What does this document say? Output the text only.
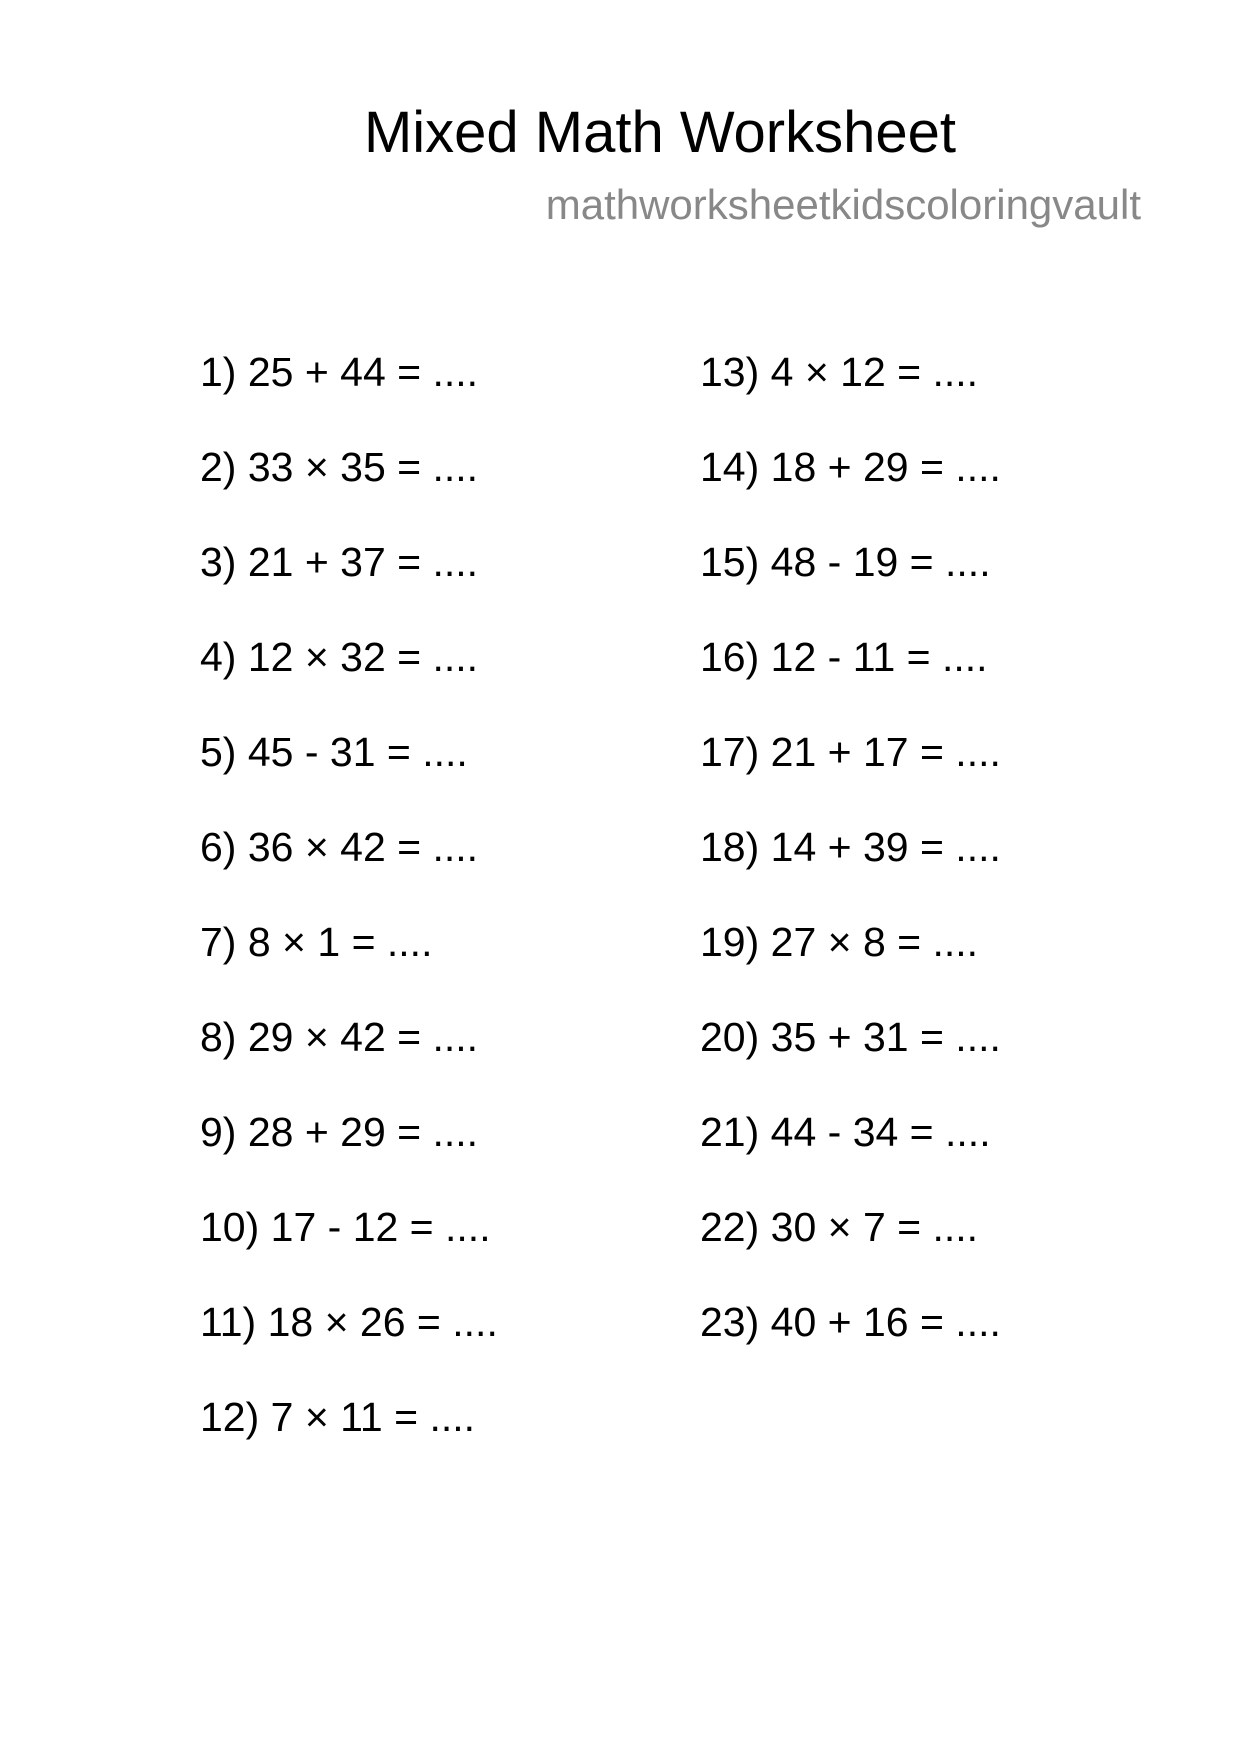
Mixed Math Worksheet
mathworksheetkidscoloringvault
1) 25 + 44 = ....
2) 33 × 35 = ....
3) 21 + 37 = ....
4) 12 × 32 = ....
5) 45 - 31 = ....
6) 36 × 42 = ....
7) 8 × 1 = ....
8) 29 × 42 = ....
9) 28 + 29 = ....
10) 17 - 12 = ....
11) 18 × 26 = ....
12) 7 × 11 = ....
13) 4 × 12 = ....
14) 18 + 29 = ....
15) 48 - 19 = ....
16) 12 - 11 = ....
17) 21 + 17 = ....
18) 14 + 39 = ....
19) 27 × 8 = ....
20) 35 + 31 = ....
21) 44 - 34 = ....
22) 30 × 7 = ....
23) 40 + 16 = ....
